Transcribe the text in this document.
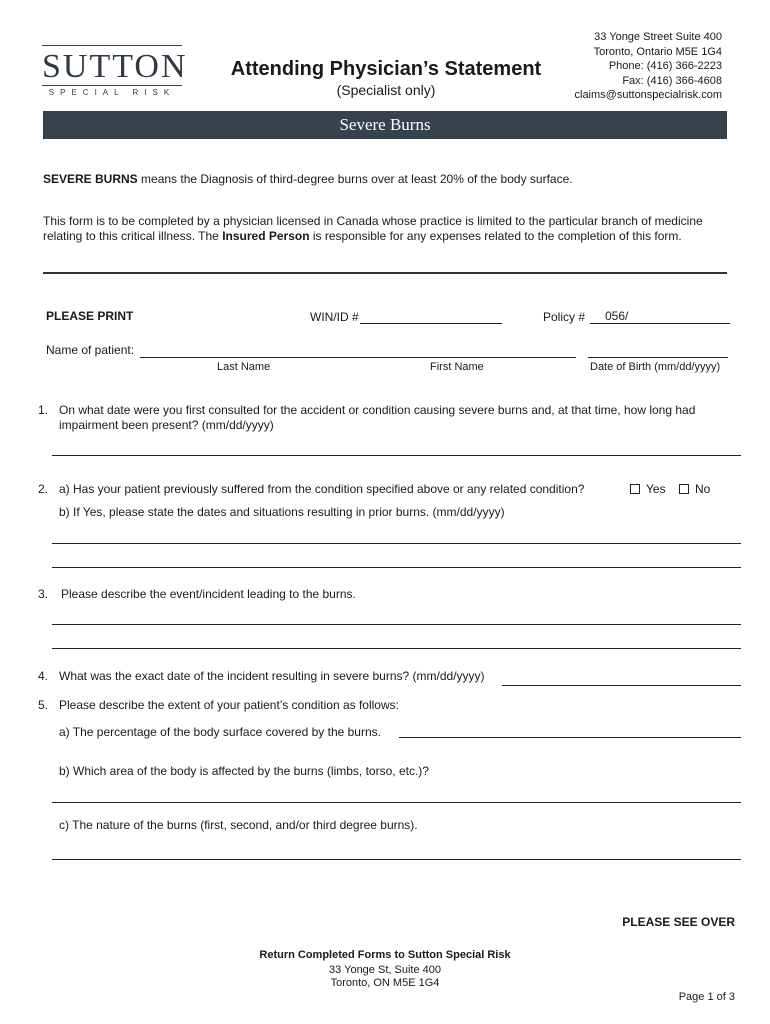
SUTTON
SPECIAL RISK
Attending Physician’s Statement
(Specialist only)
33 Yonge Street Suite 400
Toronto, Ontario M5E 1G4
Phone: (416) 366-2223
Fax: (416) 366-4608
claims@suttonspecialrisk.com
Severe Burns
SEVERE BURNS means the Diagnosis of third-degree burns over at least 20% of the body surface.
This form is to be completed by a physician licensed in Canada whose practice is limited to the particular branch of medicine relating to this critical illness. The Insured Person is responsible for any expenses related to the completion of this form.
PLEASE PRINT	WIN/ID #	Policy #
056/
Name of patient:
Last Name	First Name	Date of Birth (mm/dd/yyyy)
1. On what date were you first consulted for the accident or condition causing severe burns and, at that time, how long had impairment been present? (mm/dd/yyyy)
2. a) Has your patient previously suffered from the condition specified above or any related condition?	Yes	No
b) If Yes, please state the dates and situations resulting in prior burns. (mm/dd/yyyy)
3. Please describe the event/incident leading to the burns.
4. What was the exact date of the incident resulting in severe burns? (mm/dd/yyyy)
5. Please describe the extent of your patient’s condition as follows:
a) The percentage of the body surface covered by the burns.
b) Which area of the body is affected by the burns (limbs, torso, etc.)?
c) The nature of the burns (first, second, and/or third degree burns).
PLEASE SEE OVER
Return Completed Forms to Sutton Special Risk
33 Yonge St, Suite 400
Toronto, ON M5E 1G4
Page 1 of 3
